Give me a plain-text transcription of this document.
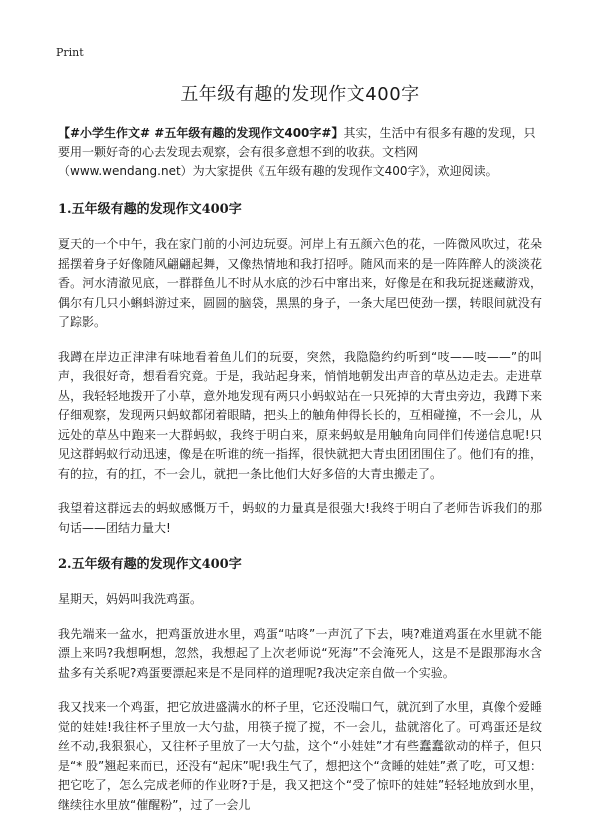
Print
五年级有趣的发现作文400字

【#小学生作文# #五年级有趣的发现作文400字#】其实，生活中有很多有趣的发现，只要用一颗好奇的心去发现去观察，会有很多意想不到的收获。文档网（www.wendang.net）为大家提供《五年级有趣的发现作文400字》，欢迎阅读。

1.五年级有趣的发现作文400字

夏天的一个中午，我在家门前的小河边玩耍。河岸上有五颜六色的花，一阵微风吹过，花朵摇摆着身子好像随风翩翩起舞，又像热情地和我打招呼。随风而来的是一阵阵醉人的淡淡花香。河水清澈见底，一群群鱼儿不时从水底的沙石中窜出来，好像是在和我玩捉迷藏游戏，偶尔有几只小蝌蚪游过来，圆圆的脑袋，黑黑的身子，一条大尾巴使劲一摆，转眼间就没有了踪影。

我蹲在岸边正津津有味地看着鱼儿们的玩耍，突然，我隐隐约约听到“吱——吱——”的叫声，我很好奇，想看看究竟。于是，我站起身来，悄悄地朝发出声音的草丛边走去。走进草丛，我轻轻地拨开了小草，意外地发现有两只小蚂蚁站在一只死掉的大青虫旁边，我蹲下来仔细观察，发现两只蚂蚁都闭着眼睛，把头上的触角伸得长长的，互相碰撞，不一会儿，从远处的草丛中跑来一大群蚂蚁，我终于明白来，原来蚂蚁是用触角向同伴们传递信息呢!只见这群蚂蚁行动迅速，像是在听谁的统一指挥，很快就把大青虫团团围住了。他们有的推，有的拉，有的扛，不一会儿，就把一条比他们大好多倍的大青虫搬走了。

我望着这群远去的蚂蚁感慨万千，蚂蚁的力量真是很强大!我终于明白了老师告诉我们的那句话——团结力量大!

2.五年级有趣的发现作文400字

星期天，妈妈叫我洗鸡蛋。

我先端来一盆水，把鸡蛋放进水里，鸡蛋“咕咚”一声沉了下去，咦?难道鸡蛋在水里就不能漂上来吗?我想啊想，忽然，我想起了上次老师说“死海”不会淹死人，这是不是跟那海水含盐多有关系呢?鸡蛋要漂起来是不是同样的道理呢?我决定亲自做一个实验。

我又找来一个鸡蛋，把它放进盛满水的杯子里，它还没喘口气，就沉到了水里，真像个爱睡觉的娃娃!我往杯子里放一大勺盐，用筷子搅了搅，不一会儿，盐就溶化了。可鸡蛋还是纹丝不动,我狠狠心，又往杯子里放了一大勺盐，这个“小娃娃”才有些蠢蠢欲动的样子，但只是“* 股”翘起来而已，还没有“起床”呢!我生气了，想把这个“贪睡的娃娃”煮了吃，可又想：把它吃了，怎么完成老师的作业呀?于是，我又把这个“受了惊吓的娃娃”轻轻地放到水里，继续往水里放“催醒粉”，过了一会儿
